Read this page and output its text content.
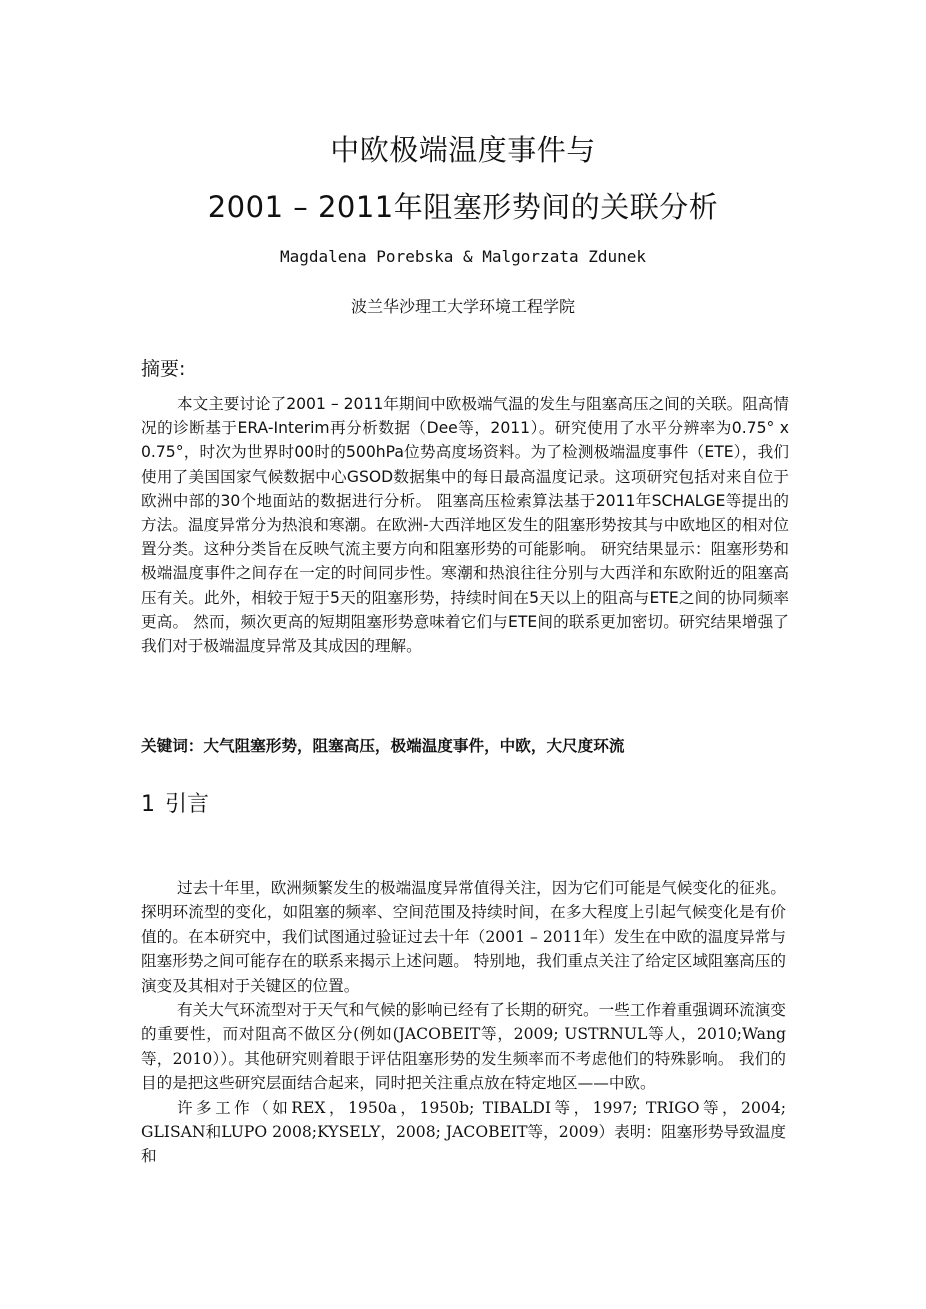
中欧极端温度事件与
2001 – 2011年阻塞形势间的关联分析
Magdalena Porebska & Malgorzata Zdunek
波兰华沙理工大学环境工程学院
摘要:

本文主要讨论了2001 – 2011年期间中欧极端气温的发生与阻塞高压之间的关联。阻高情况的诊断基于ERA-Interim再分析数据（Dee等，2011）。研究使用了水平分辨率为0.75° x 0.75°，时次为世界时00时的500hPa位势高度场资料。为了检测极端温度事件（ETE），我们使用了美国国家气候数据中心GSOD数据集中的每日最高温度记录。这项研究包括对来自位于欧洲中部的30个地面站的数据进行分析。 阻塞高压检索算法基于2011年SCHALGE等提出的方法。温度异常分为热浪和寒潮。在欧洲-大西洋地区发生的阻塞形势按其与中欧地区的相对位置分类。这种分类旨在反映气流主要方向和阻塞形势的可能影响。 研究结果显示：阻塞形势和极端温度事件之间存在一定的时间同步性。寒潮和热浪往往分别与大西洋和东欧附近的阻塞高压有关。此外，相较于短于5天的阻塞形势，持续时间在5天以上的阻高与ETE之间的协同频率更高。 然而，频次更高的短期阻塞形势意味着它们与ETE间的联系更加密切。研究结果增强了我们对于极端温度异常及其成因的理解。

关键词：大气阻塞形势，阻塞高压，极端温度事件，中欧，大尺度环流
1 引言

过去十年里，欧洲频繁发生的极端温度异常值得关注，因为它们可能是气候变化的征兆。探明环流型的变化，如阻塞的频率、空间范围及持续时间，在多大程度上引起气候变化是有价值的。在本研究中，我们试图通过验证过去十年（2001 – 2011年）发生在中欧的温度异常与阻塞形势之间可能存在的联系来揭示上述问题。 特别地，我们重点关注了给定区域阻塞高压的演变及其相对于关键区的位置。

有关大气环流型对于天气和气候的影响已经有了长期的研究。一些工作着重强调环流演变的重要性，而对阻高不做区分(例如(JACOBEIT等，2009; USTRNUL等人，2010;Wang等，2010））。其他研究则着眼于评估阻塞形势的发生频率而不考虑他们的特殊影响。 我们的目的是把这些研究层面结合起来，同时把关注重点放在特定地区——中欧。

许多工作（如REX，1950a，1950b; TIBALDI等，1997; TRIGO等，2004; GLISAN和LUPO 2008;KYSELY，2008; JACOBEIT等，2009）表明：阻塞形势导致温度和
